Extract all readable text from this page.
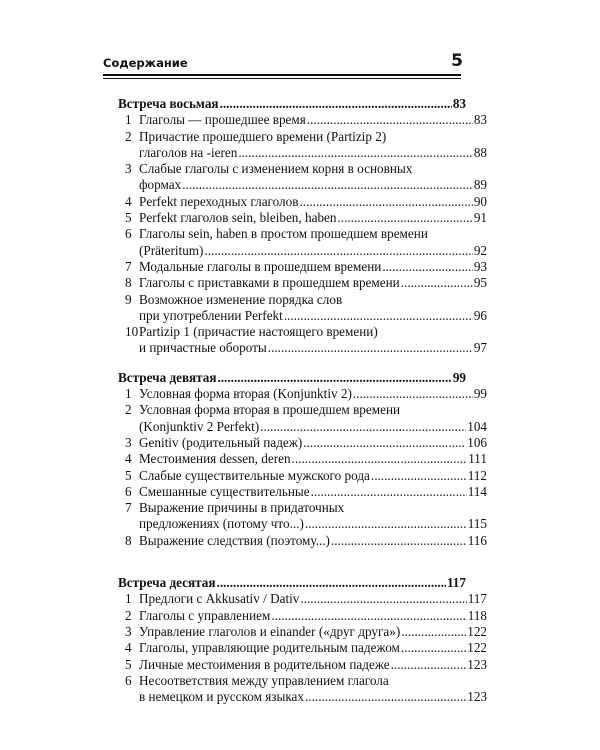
Содержание	5
Встреча восьмая .....	83
1 Глаголы — прошедшее время .....	83
2 Причастие прошедшего времени (Partizip 2)
глаголов на -ieren .....	88
3 Слабые глаголы с изменением корня в основных
формах .....	89
4 Perfekt переходных глаголов .....	90
5 Perfekt глаголов sein, bleiben, haben .....	91
6 Глаголы sein, haben в простом прошедшем времени
(Präteritum) .....	92
7 Модальные глаголы в прошедшем времени .....	93
8 Глаголы с приставками в прошедшем времени .....	95
9 Возможное изменение порядка слов
при употреблении Perfekt .....	96
10 Partizip 1 (причастие настоящего времени)
и причастные обороты .....	97
Встреча девятая .....	99
1 Условная форма вторая (Konjunktiv 2) .....	99
2 Условная форма вторая в прошедшем времени
(Konjunktiv 2 Perfekt) .....	104
3 Genitiv (родительный падеж) .....	106
4 Местоимения dessen, deren .....	111
5 Слабые существительные мужского рода .....	112
6 Смешанные существительные .....	114
7 Выражение причины в придаточных
предложениях (потому что...) .....	115
8 Выражение следствия (поэтому...) .....	116
Встреча десятая .....	117
1 Предлоги с Akkusativ / Dativ .....	117
2 Глаголы с управлением .....	118
3 Управление глаголов и einander («друг друга») .....	122
4 Глаголы, управляющие родительным падежом .....	122
5 Личные местоимения в родительном падеже .....	123
6 Несоответствия между управлением глагола
в немецком и русском языках .....	123
